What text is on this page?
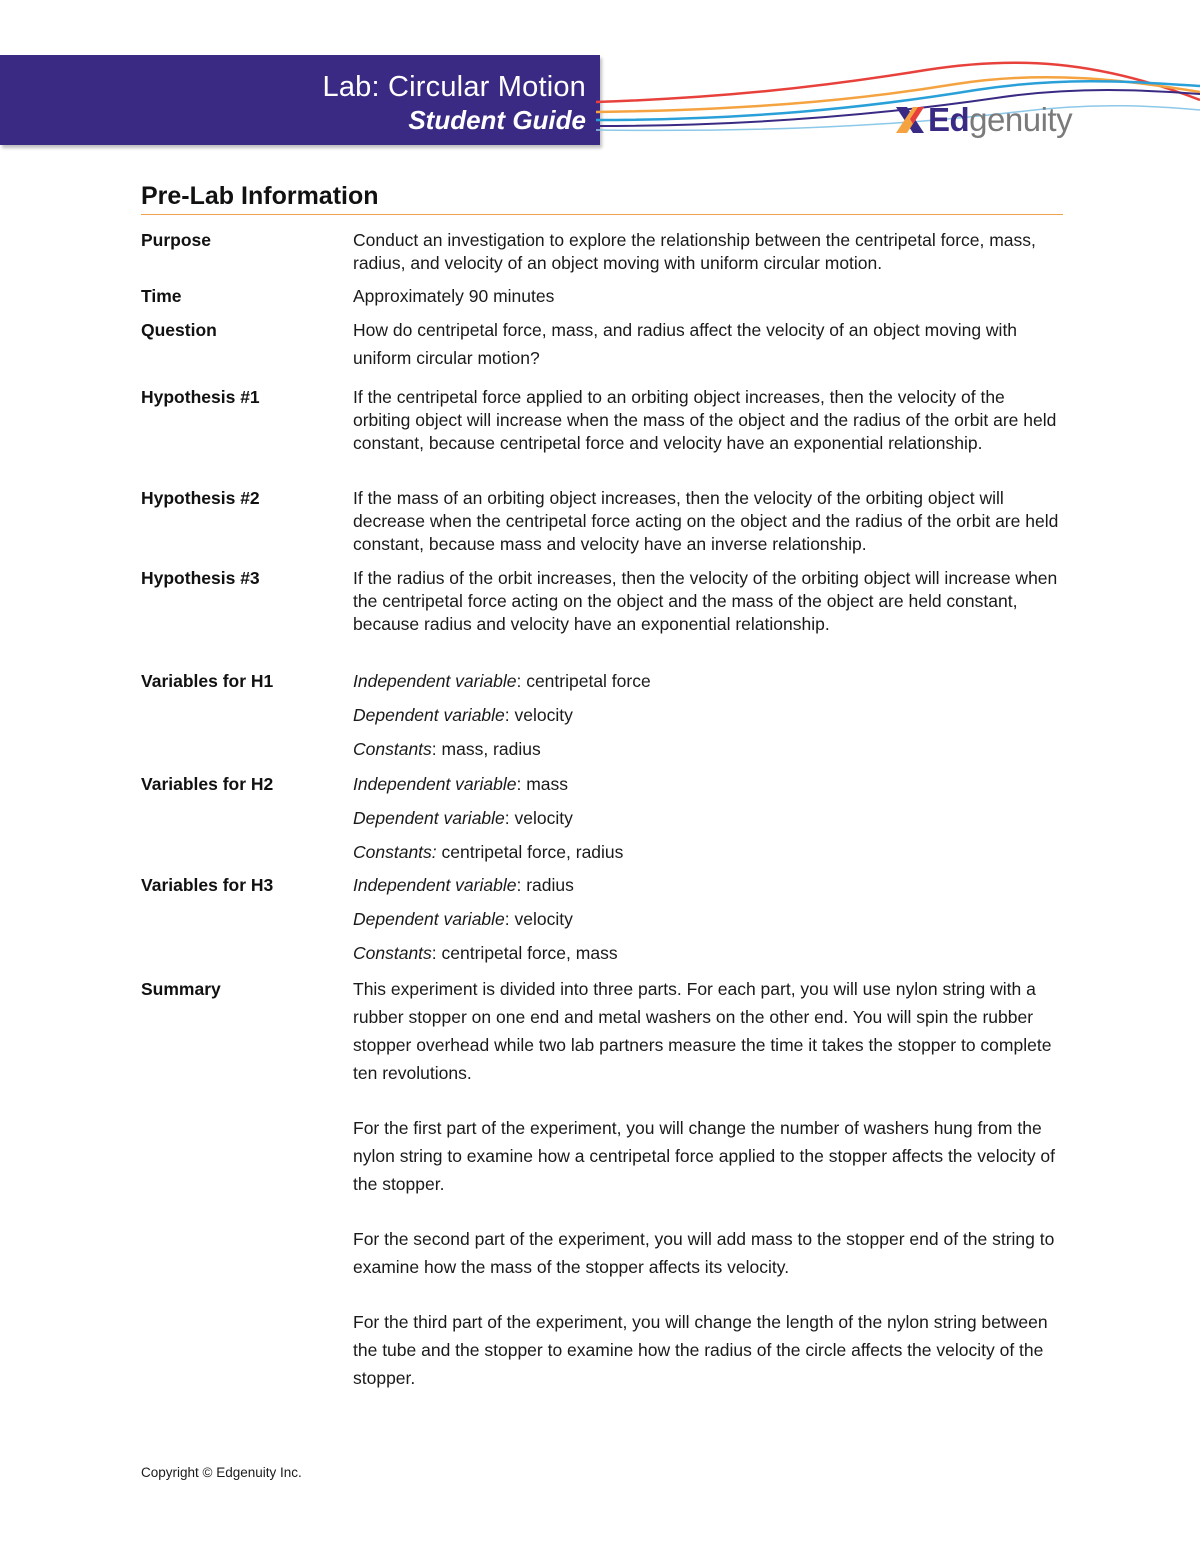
Lab: Circular Motion
Student Guide	Edgenuity
Pre-Lab Information
Purpose	Conduct an investigation to explore the relationship between the centripetal force, mass, radius, and velocity of an object moving with uniform circular motion.
Time	Approximately 90 minutes
Question	How do centripetal force, mass, and radius affect the velocity of an object moving with uniform circular motion?
Hypothesis #1	If the centripetal force applied to an orbiting object increases, then the velocity of the orbiting object will increase when the mass of the object and the radius of the orbit are held constant, because centripetal force and velocity have an exponential relationship.
Hypothesis #2	If the mass of an orbiting object increases, then the velocity of the orbiting object will decrease when the centripetal force acting on the object and the radius of the orbit are held constant, because mass and velocity have an inverse relationship.
Hypothesis #3	If the radius of the orbit increases, then the velocity of the orbiting object will increase when the centripetal force acting on the object and the mass of the object are held constant, because radius and velocity have an exponential relationship.
Variables for H1	Independent variable: centripetal force
Dependent variable: velocity
Constants: mass, radius
Variables for H2	Independent variable: mass
Dependent variable: velocity
Constants: centripetal force, radius
Variables for H3	Independent variable: radius
Dependent variable: velocity
Constants: centripetal force, mass
Summary	This experiment is divided into three parts. For each part, you will use nylon string with a rubber stopper on one end and metal washers on the other end. You will spin the rubber stopper overhead while two lab partners measure the time it takes the stopper to complete ten revolutions.

For the first part of the experiment, you will change the number of washers hung from the nylon string to examine how a centripetal force applied to the stopper affects the velocity of the stopper.

For the second part of the experiment, you will add mass to the stopper end of the string to examine how the mass of the stopper affects its velocity.

For the third part of the experiment, you will change the length of the nylon string between the tube and the stopper to examine how the radius of the circle affects the velocity of the stopper.

Copyright © Edgenuity Inc.
